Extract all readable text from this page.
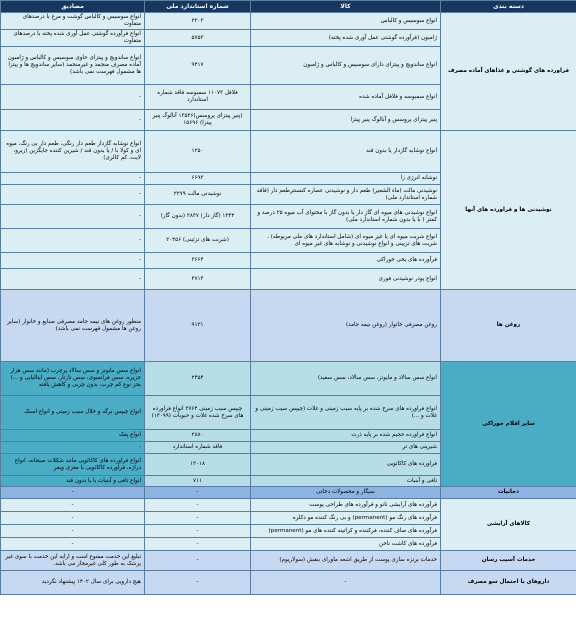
دسته بندی	کالا	شماره استاندارد ملی	مصادیق
فراورده های گوشتی و غذاهای آماده مصرف	انواع سوسیس و کالباس	۲۳۰۳	انواع سوسیس و کالباس گوشت و مرغ با درصدهای متفاوت
	ژامبون (فرآورده گوشتی عمل آوری شده پخته)	۵۷۵۳	انواع فرآورده گوشتی عمل آوری شده پخته با درصدهای متفاوت
	انواع ساندویچ و پیتزای دارای سوسیس و کالباس و ژامبون	۹۴۱۷	انواع ساندویچ و پیتزای حاوی سوسیس و کالباس و ژامبون آماده مصرف منجمد و غیرمنجمد (سایر ساندویچ ها و پیتزا ها مشمول فهرست نمی باشد)
	انواع سمبوسه و فلافل آماده شده	فلافل ۱۱۰۷۳ سمبوسه فاقد شماره استاندارد	-
	پنیر پیتزای پروسس و آنالوگ پنیر پیتزا	(پنیر پیتزای پروسس)۱۳۵۴۶ آنالوگ پنیر پیتزا) ۱۵۶۹۶	-
نوشیدنی ها و فراورده های آنها	انواع نوشابه گازدار یا بدون قند	۱۲۵۰	انواع نوشابه گازدار طعم دار رنگی، طعم دار بی رنگ، میوه ای و کولا با / یا بدون قند / شیرین کننده جایگزین (زیرو، لایت، کم کالری)
	نوشابه انرژی زا	۶۶۹۳	-
	نوشیدنی مالت (ماء الشعیر) طعم دار و نوشیدنی عصاره کنسنترطعم دار (فاقد شماره استاندارد ملی)	نوشیدنی مالت ۲۲۷۹	-
	انواع نوشیدنی های میوه ای گاز دار یا بدون گاز با محتوای آب میوه ۲۵ درصد و کمتر ( با یا بدون شماره استاندارد ملی)	۱۳۴۴ (گاز دار) ۲۸۳۷ (بدون گاز)	-
	انواع شربت میوه ای یا غیر میوه ای (شامل استاندارد های ملی مربوطه) ، شربت های تزیینی و انواع نوشیدنی و نوشابه های غیر میوه ای	(شربت های تزئینی) ۲۰۴۵۶	-
	فرآورده های یخی خوراکی	۳۶۶۴	-
	انواع پودر نوشیدنی فوری	۴۷۱۴	-
روغن ها	روغن مصرفی خانوار (روغن نیمه جامد)	۹۱۳۱	منظور روغن های نیمه جامد مصرفی صنایع و خانوار (سایر روغن ها مشمول فهرست نمی باشد)
سایر اقلام خوراکی	انواع سس سالاد و مایونز، سس سالاد، سس سفید)	۲۴۵۴	انواع سس مایونز و سس سالاد پرچرب (مانند سس هزار جزیره، سس فرانسوی، سس تارتار، سس ایتالیایی و ...) بجز نوع کم چرب، بدون چربی و کاهش یافته
	انواع فراورده های سرخ شده بر پایه سیب زمینی و غلات (چیپس سیب زمینی و غلات و ...)	چیپس سیب زمینی ۳۷۶۴ انواع فراورده های سرخ شده غلات و حبوبات (۱۳۰۹۹)	انواع چیپس برگه و خلال سیب زمینی و انواع اسنک
	انواع فراورده حجیم شده بر پایه ذرت	۲۸۸۰	انواع پفک
	شیرینی های تر	فاقد شماره استاندارد	-
	فراورده های کاکائویی	۱۲۰۱۸	انواع فراورده های کاکائویی مانند شکلات صبحانه، انواع دراژه، فراورده کاکائویی با مغزی ویفر
	تافی و آبنبات	۷۱۱	انواع تافی و آبنبات با یا بدون قند
دخانیات	سیگار و محصولات دخانی	-	-
کالاهای آرایشی	فرآورده های آرایشی نانو و فرآورده های طراحی پوست	-	-
	فرآورده های رنگ مو (permanent) و بی رنگ کننده مو دکلره	-	-
	فرآورده های صاف کننده، فرکننده و کراتینه کننده های مو (permanent)	-	-
	فرآورده های کاشت ناخن	-	-
خدمات آسیب رسان	خدمات برنزه سازی پوست از طریق اشعه ماورای بنفش (سولاریوم)	-	تبلیغ این خدمت ممنوع است و ارایه این خدمت با سوی غیر پزشک به طور کلی غیرمجاز می باشد.
داروهای با احتمال سو مصرف	-	-	هیچ دارویی برای سال ۱۴۰۲ پیشنهاد نگردید
